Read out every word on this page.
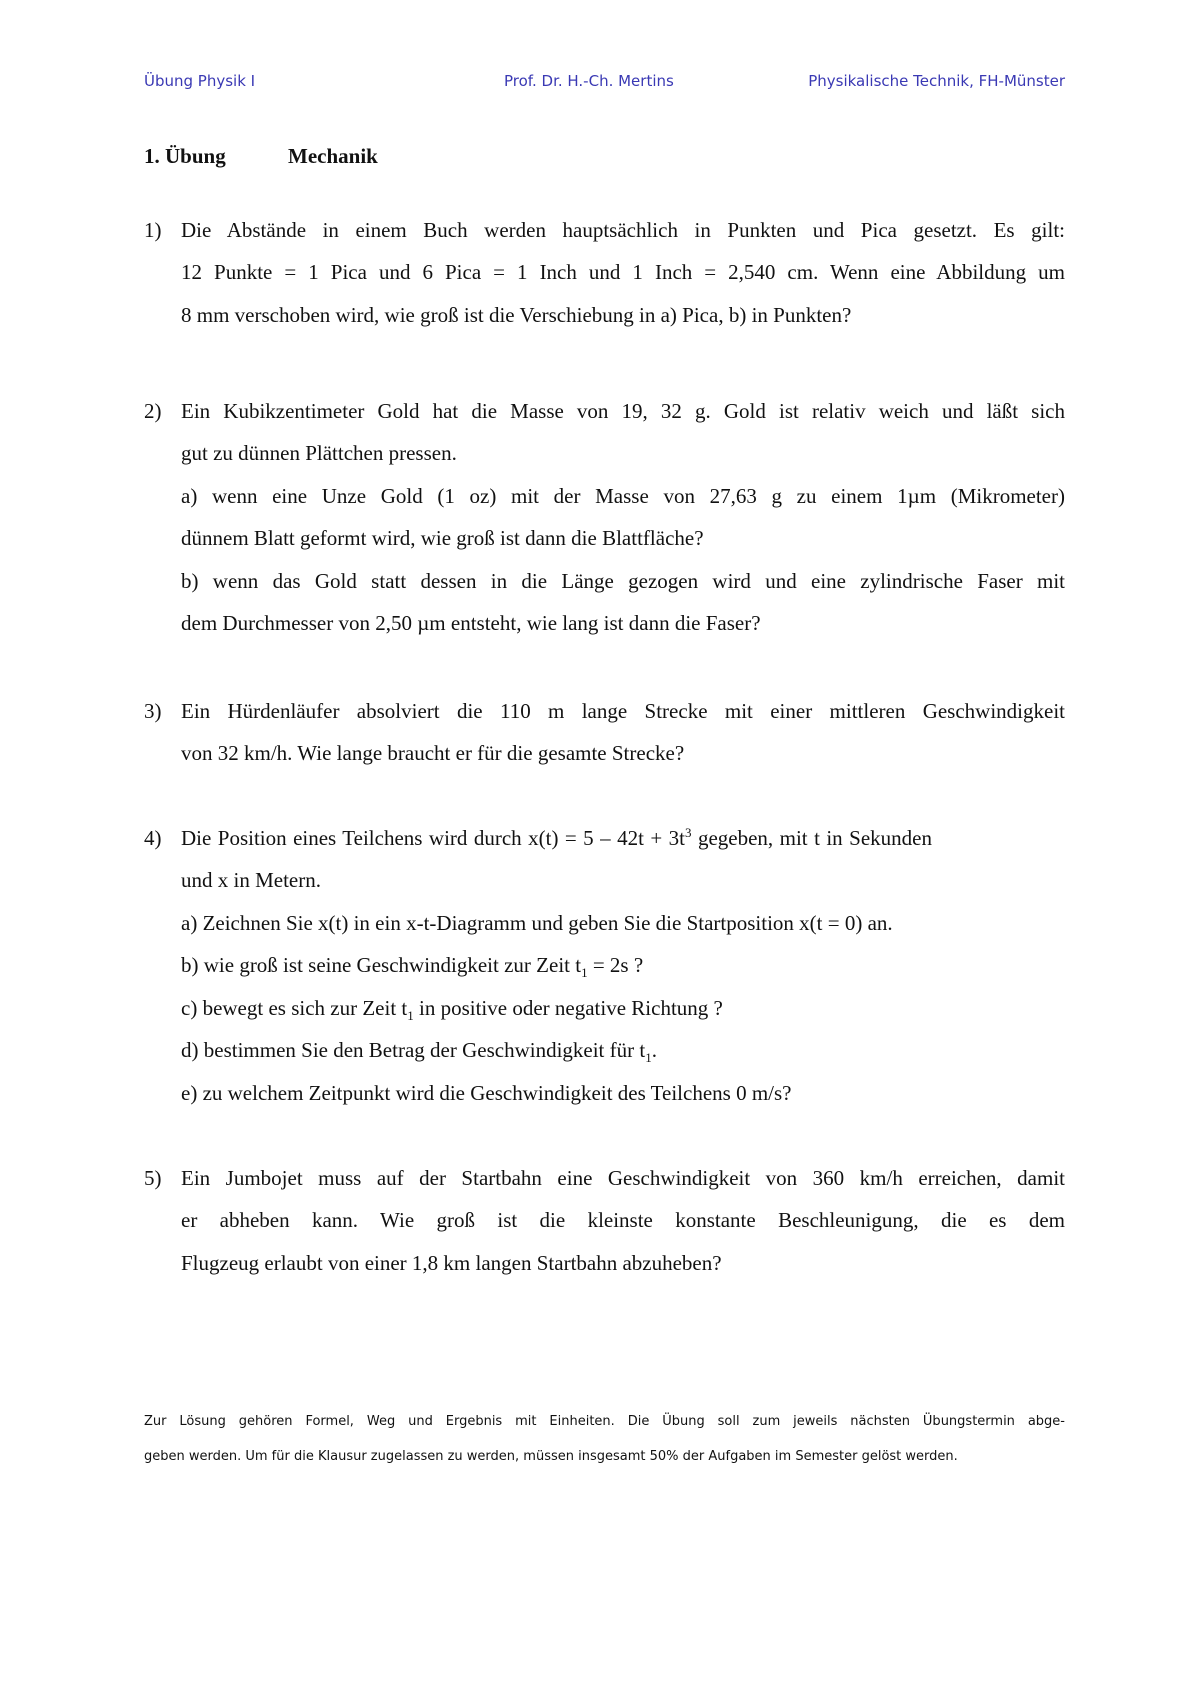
Übung Physik I	Prof. Dr. H.-Ch. Mertins	Physikalische Technik, FH-Münster
1. Übung	Mechanik
1) Die Abstände in einem Buch werden hauptsächlich in Punkten und Pica gesetzt. Es gilt:
12 Punkte = 1 Pica und 6 Pica = 1 Inch und 1 Inch = 2,540 cm. Wenn eine Abbildung um
8 mm verschoben wird, wie groß ist die Verschiebung in a) Pica, b) in Punkten?
2) Ein Kubikzentimeter Gold hat die Masse von 19, 32 g. Gold ist relativ weich und läßt sich
gut zu dünnen Plättchen pressen.
a) wenn eine Unze Gold (1 oz) mit der Masse von 27,63 g zu einem 1µm (Mikrometer)
dünnem Blatt geformt wird, wie groß ist dann die Blattfläche?
b) wenn das Gold statt dessen in die Länge gezogen wird und eine zylindrische Faser mit
dem Durchmesser von 2,50 µm entsteht, wie lang ist dann die Faser?
3) Ein Hürdenläufer absolviert die 110 m lange Strecke mit einer mittleren Geschwindigkeit
von 32 km/h. Wie lange braucht er für die gesamte Strecke?
4) Die Position eines Teilchens wird durch $x(t) = 5 - 42t + 3t^3$ gegeben, mit t in Sekunden
und x in Metern.
a) Zeichnen Sie x(t) in ein x-t-Diagramm und geben Sie die Startposition x(t = 0) an.
b) wie groß ist seine Geschwindigkeit zur Zeit $t_1 = 2s$ ?
c) bewegt es sich zur Zeit $t_1$ in positive oder negative Richtung ?
d) bestimmen Sie den Betrag der Geschwindigkeit für $t_1$.
e) zu welchem Zeitpunkt wird die Geschwindigkeit des Teilchens 0 m/s?
5) Ein Jumbojet muss auf der Startbahn eine Geschwindigkeit von 360 km/h erreichen, damit
er abheben kann. Wie groß ist die kleinste konstante Beschleunigung, die es dem
Flugzeug erlaubt von einer 1,8 km langen Startbahn abzuheben?
Zur Lösung gehören Formel, Weg und Ergebnis mit Einheiten. Die Übung soll zum jeweils nächsten Übungstermin abge-
geben werden. Um für die Klausur zugelassen zu werden, müssen insgesamt 50% der Aufgaben im Semester gelöst werden.
